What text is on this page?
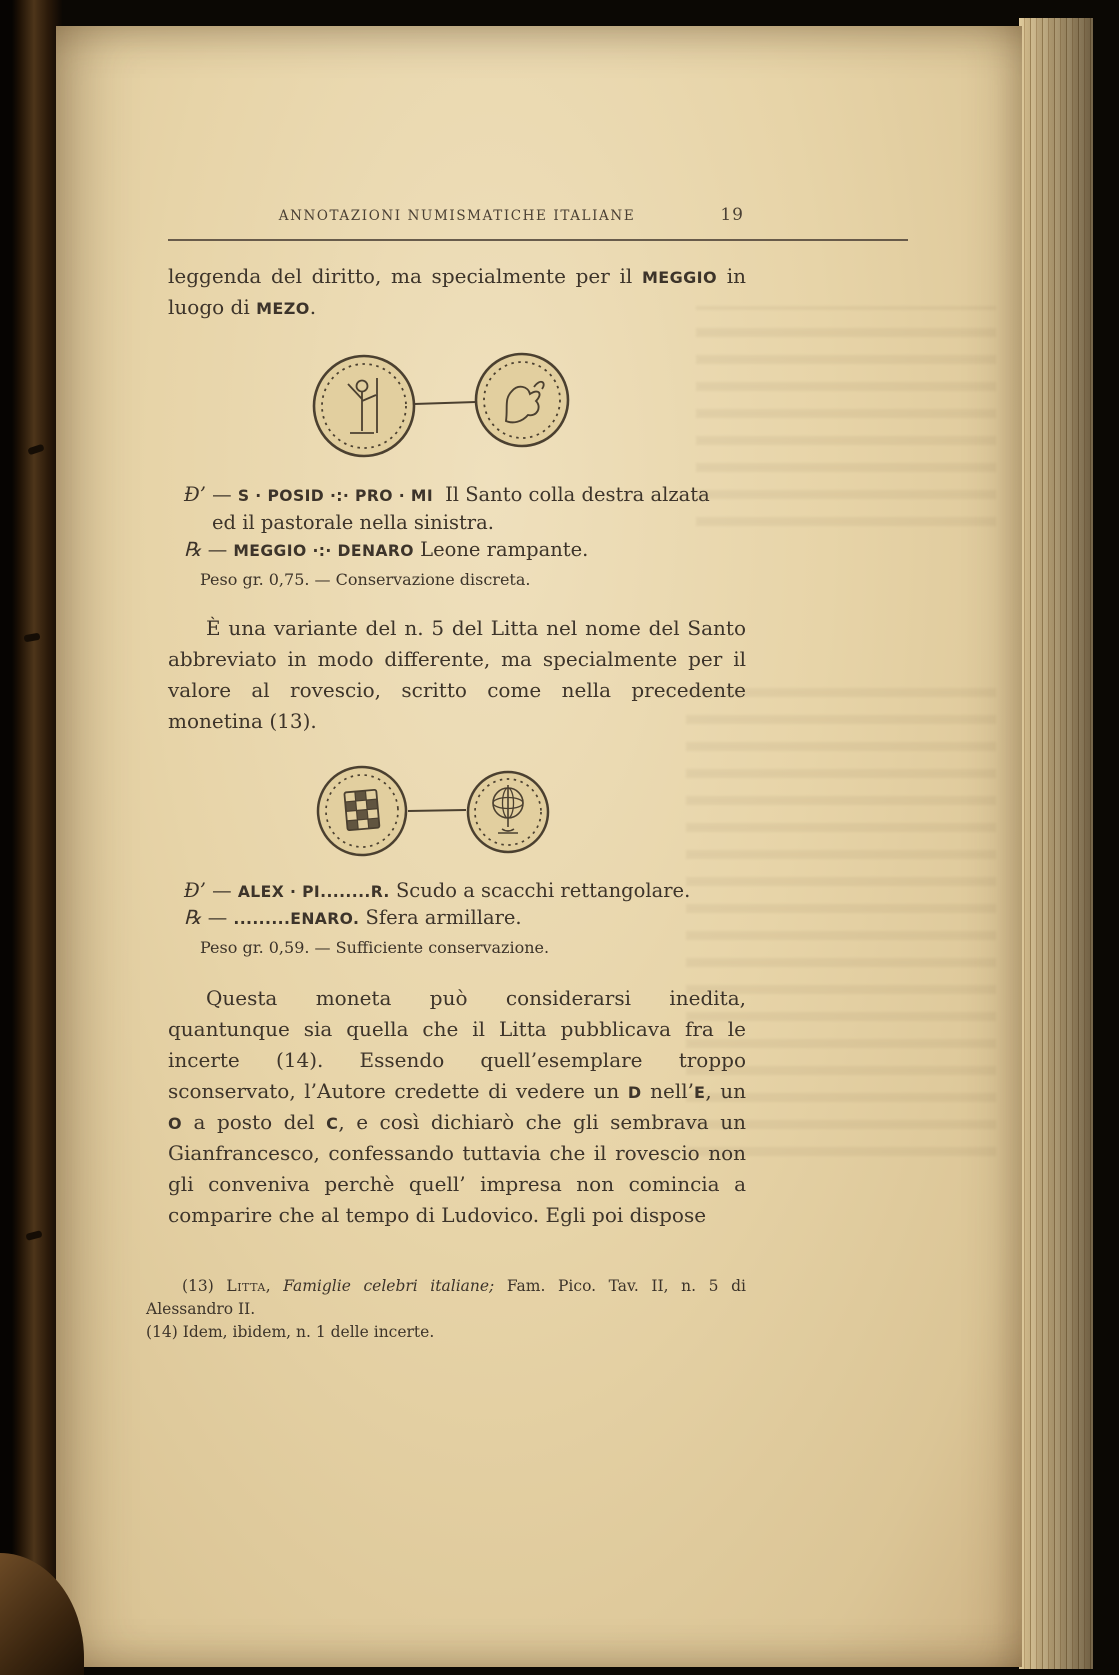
ANNOTAZIONI NUMISMATICHE ITALIANE	19

leggenda del diritto, ma specialmente per il MEGGIO in luogo di MEZO.

Đ’ — S · POSID ·:· PRO · MI Il Santo colla destra alzata

ed il pastorale nella sinistra.

℞ — MEGGIO ·:· DENARO Leone rampante.

Peso gr. 0,75. — Conservazione discreta.

È una variante del n. 5 del Litta nel nome del Santo abbreviato in modo differente, ma specialmente per il valore al rovescio, scritto come nella precedente monetina (13).

Đ’ — ALEX · PI........R. Scudo a scacchi rettangolare.

℞ — .........ENARO. Sfera armillare.

Peso gr. 0,59. — Sufficiente conservazione.

Questa moneta può considerarsi inedita, quantunque sia quella che il Litta pubblicava fra le incerte (14). Essendo quell’esemplare troppo sconservato, l’Autore credette di vedere un D nell’E, un O a posto del C, e così dichiarò che gli sembrava un Gianfrancesco, confessando tuttavia che il rovescio non gli conveniva perchè quell’ impresa non comincia a comparire che al tempo di Ludovico. Egli poi dispose

(13) Litta, Famiglie celebri italiane; Fam. Pico. Tav. II, n. 5 di Alessandro II.

(14) Idem, ibidem, n. 1 delle incerte.
